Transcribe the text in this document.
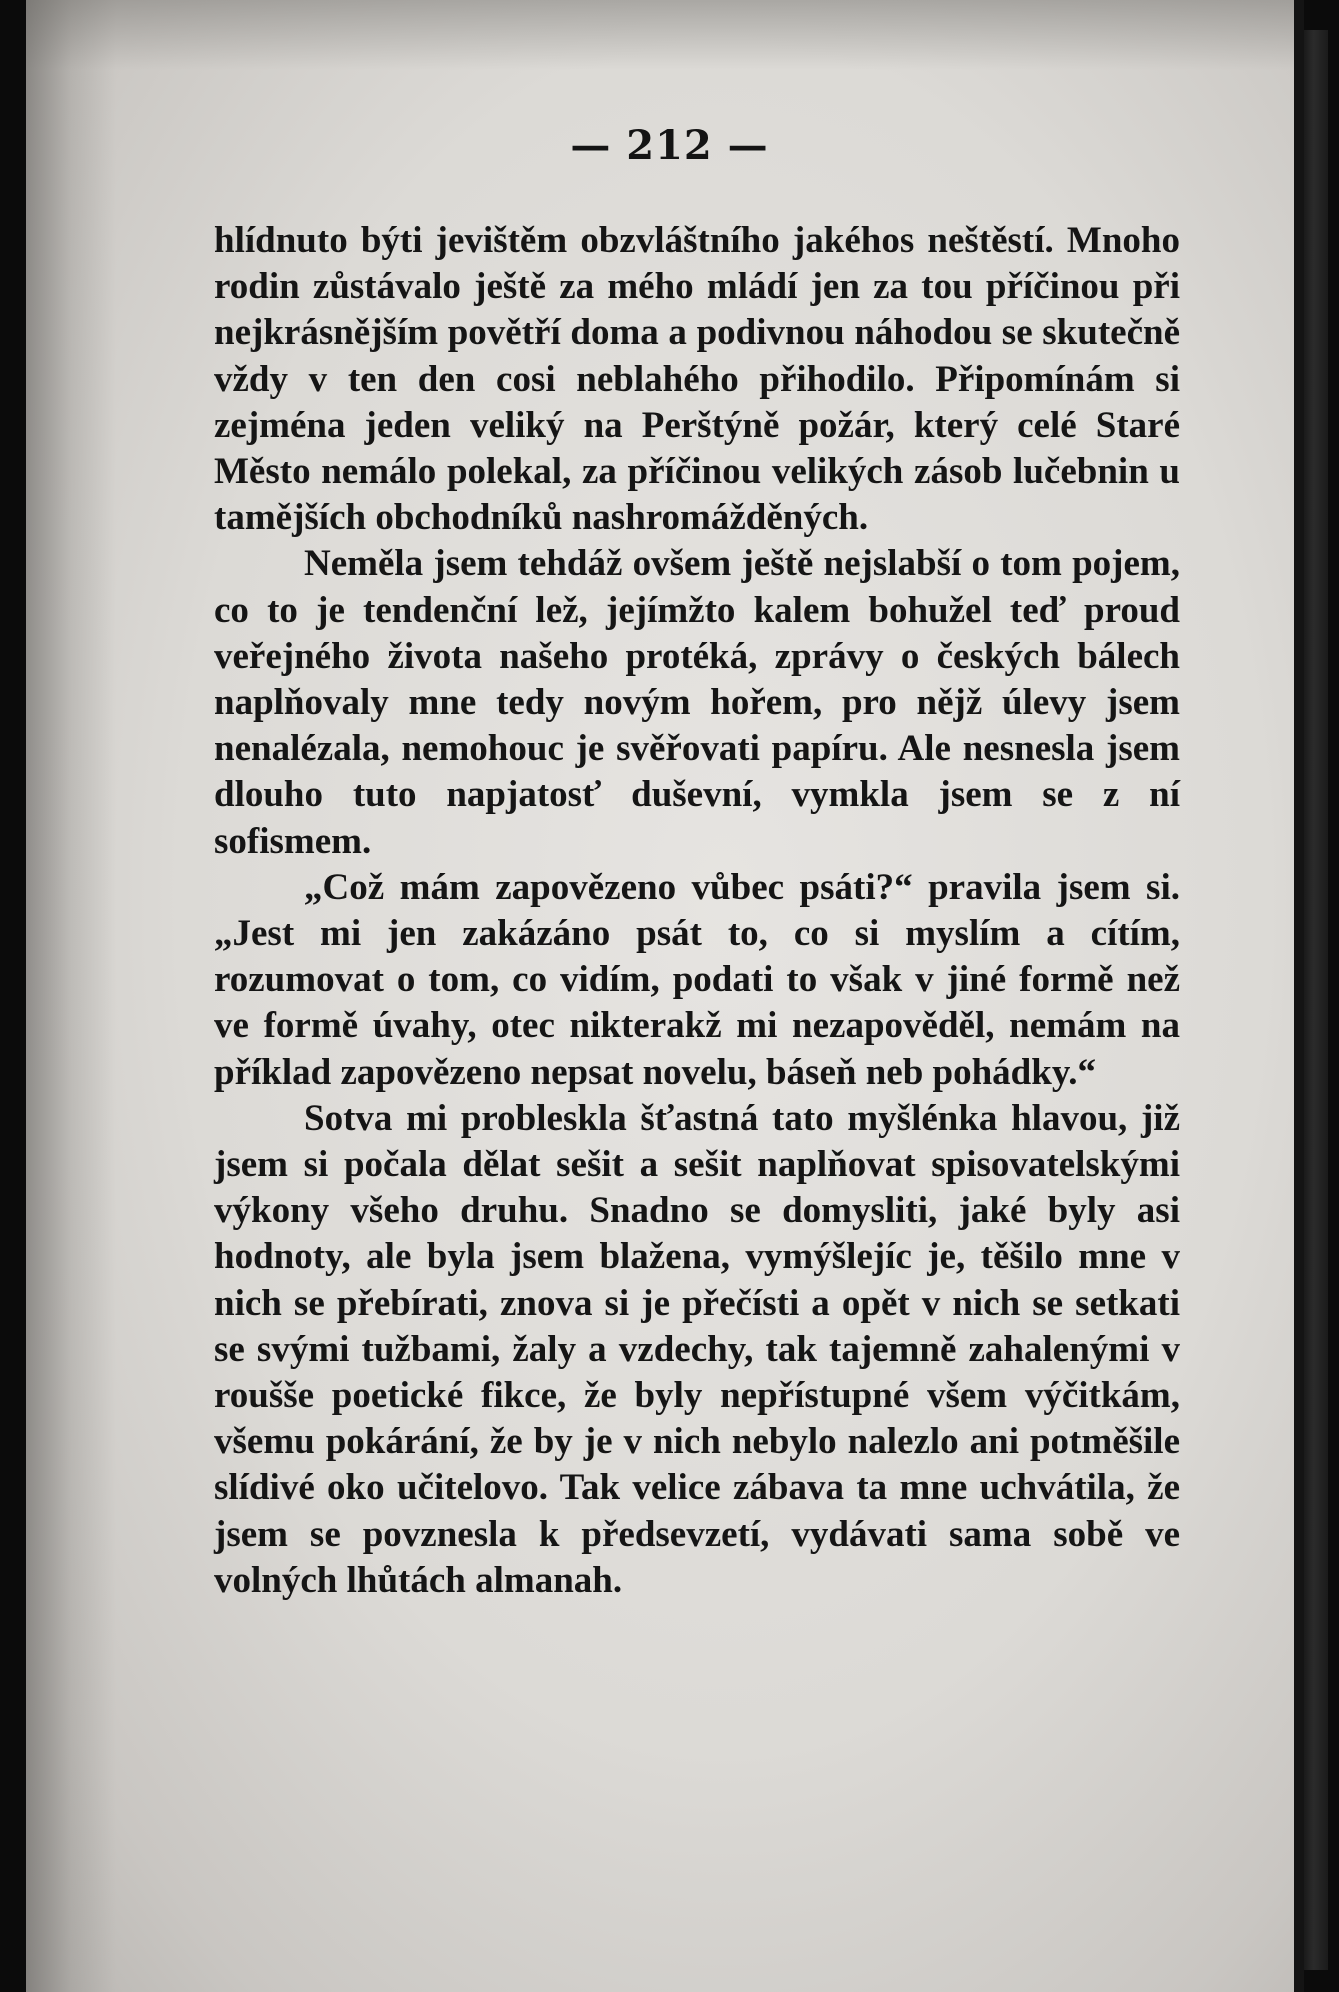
— 212 —

hlídnuto býti jevištěm obzvláštního jakéhos neštěstí. Mnoho rodin zůstávalo ještě za mého mládí jen za tou příčinou při nejkrásnějším povětří doma a podivnou náhodou se skutečně vždy v ten den cosi neblahého přihodilo. Připomínám si zejména jeden veliký na Perštýně požár, který celé Staré Město nemálo polekal, za příčinou velikých zásob lučebnin u tamějších obchodníků nashromážděných.

Neměla jsem tehdáž ovšem ještě nejslabší o tom pojem, co to je tendenční lež, jejímžto kalem bohužel teď proud veřejného života našeho protéká, zprávy o českých bálech naplňovaly mne tedy novým hořem, pro nějž úlevy jsem nenalézala, nemohouc je svěřovati papíru. Ale nesnesla jsem dlouho tuto napjatosť duševní, vymkla jsem se z ní sofismem.

„Což mám zapovězeno vůbec psáti?“ pravila jsem si. „Jest mi jen zakázáno psát to, co si myslím a cítím, rozumovat o tom, co vidím, podati to však v jiné formě než ve formě úvahy, otec nikterakž mi nezapověděl, nemám na příklad zapovězeno nepsat novelu, báseň neb pohádky.“

Sotva mi probleskla šťastná tato myšlénka hlavou, již jsem si počala dělat sešit a sešit naplňovat spisovatelskými výkony všeho druhu. Snadno se domysliti, jaké byly asi hodnoty, ale byla jsem blažena, vymýšlejíc je, těšilo mne v nich se přebírati, znova si je přečísti a opět v nich se setkati se svými tužbami, žaly a vzdechy, tak tajemně zahalenými v roušše poetické fikce, že byly nepřístupné všem výčitkám, všemu pokárání, že by je v nich nebylo nalezlo ani potměšile slídivé oko učitelovo. Tak velice zábava ta mne uchvátila, že jsem se povznesla k předsevzetí, vydávati sama sobě ve volných lhůtách almanah.
